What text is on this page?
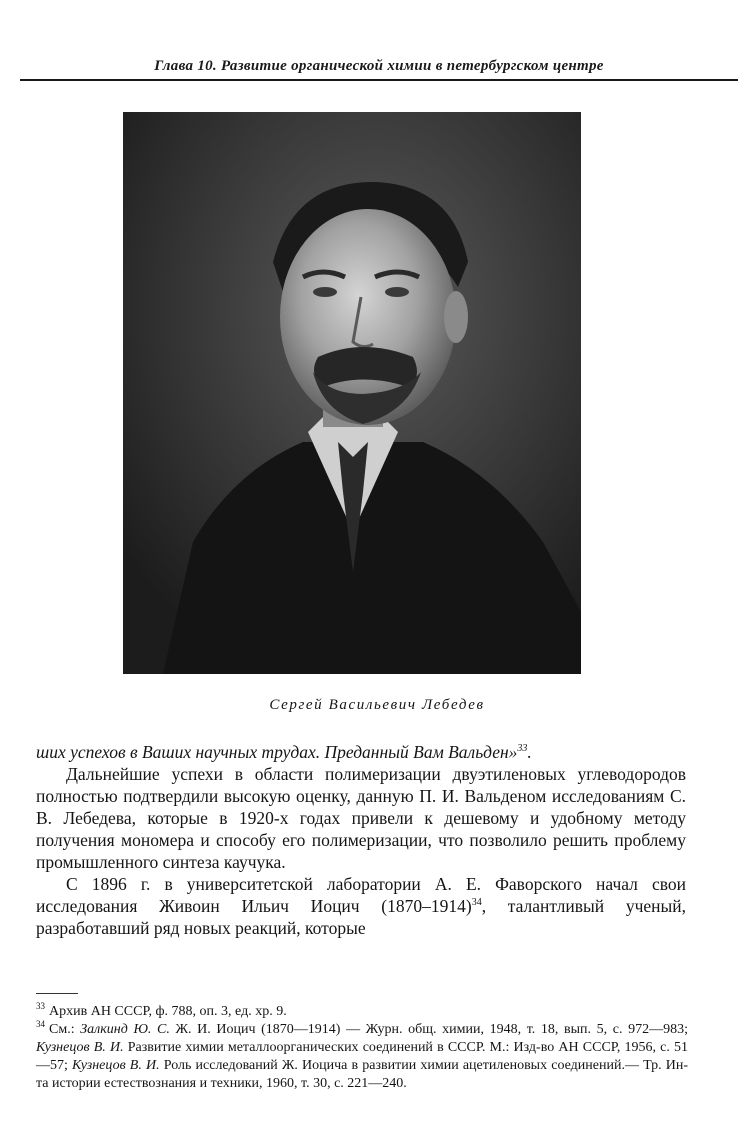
Глава 10. Развитие органической химии в петербургском центре
Сергей Васильевич Лебедев

ших успехов в Ваших научных трудах. Преданный Вам Вальден»$^{33}$.

Дальнейшие успехи в области полимеризации двуэтиленовых углеводородов полностью подтвердили высокую оценку, данную П. И. Вальденом исследованиям С. В. Лебедева, которые в 1920-х годах привели к дешевому и удобному методу получения мономера и способу его полимеризации, что позволило решить проблему промышленного синтеза каучука.

С 1896 г. в университетской лаборатории А. Е. Фаворского начал свои исследования Живоин Ильич Иоцич (1870–1914)$^{34}$, талантливый ученый, разработавший ряд новых реакций, которые

$^{33}$ Архив АН СССР, ф. 788, оп. 3, ед. хр. 9.

$^{34}$ См.: Залкинд Ю. С. Ж. И. Иоцич (1870—1914) — Журн. общ. химии, 1948, т. 18, вып. 5, с. 972—983; Кузнецов В. И. Развитие химии металлоорганических соединений в СССР. М.: Изд-во АН СССР, 1956, с. 51—57; Кузнецов В. И. Роль исследований Ж. Иоцича в развитии химии ацетиленовых соединений.— Тр. Ин-та истории естествознания и техники, 1960, т. 30, с. 221—240.
